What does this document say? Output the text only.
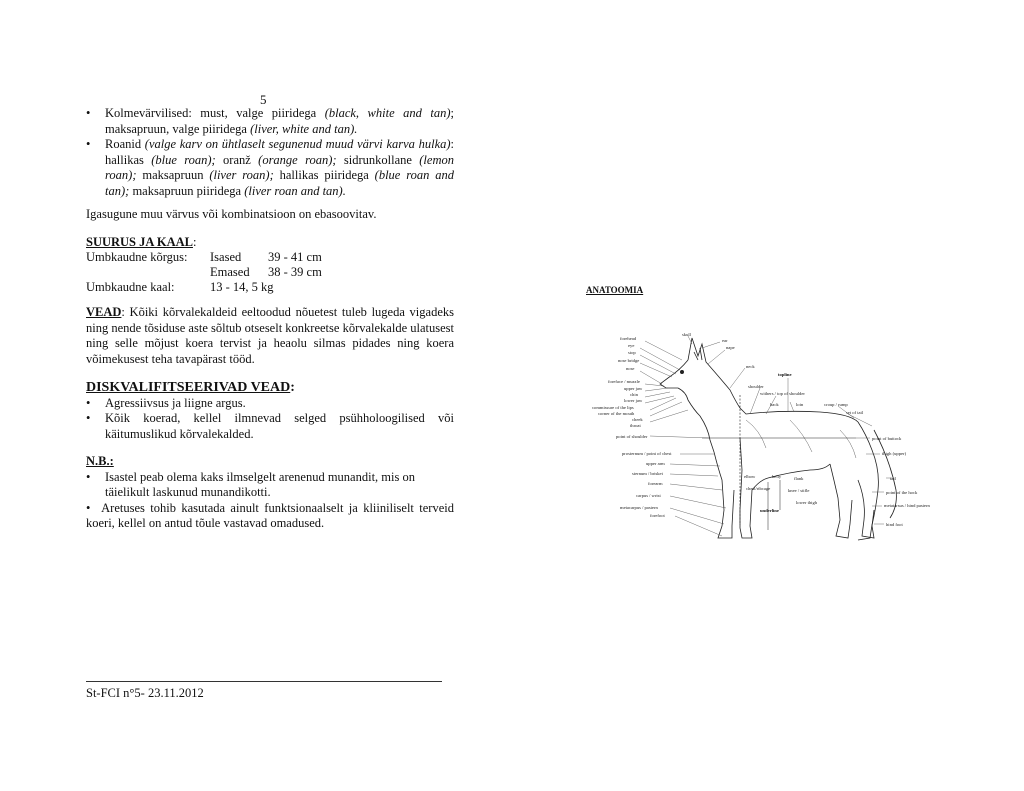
5

• Kolmevärvilised: must, valge piiridega (black, white and tan); maksapruun, valge piiridega (liver, white and tan).

• Roanid (valge karv on ühtlaselt segunenud muud värvi karva hulka): hallikas (blue roan); oranž (orange roan); sidrunkollane (lemon roan); maksapruun (liver roan); hallikas piiridega (blue roan and tan); maksapruun piiridega (liver roan and tan).

Igasugune muu värvus või kombinatsioon on ebasoovitav.

SUURUS JA KAAL:
Umbkaudne kõrgus:	Isased	39 - 41 cm
	Emased	38 - 39 cm
Umbkaudne kaal:	13 - 14, 5 kg	

VEAD: Kõiki kõrvalekaldeid eeltoodud nõuetest tuleb lugeda vigadeks ning nende tõsiduse aste sõltub otseselt konkreetse kõrvalekalde ulatusest ning selle mõjust koera tervist ja heaolu silmas pidades ning koera võimekusest teha tavapärast tööd.

DISKVALIFITSEERIVAD VEAD:

• Agressiivsus ja liigne argus.

• Kõik koerad, kellel ilmnevad selged psühholoogilised või käitumuslikud kõrvalekalded.

N.B.:

• Isastel peab olema kaks ilmselgelt arenenud munandit, mis on täielikult laskunud munandikotti.

•  Aretuses tohib kasutada ainult funktsionaalselt ja kliiniliselt terveid koeri, kellel on antud tõule vastavad omadused.

St-FCI n°5- 23.11.2012
ANATOOMIA
forehead
eye
stop
nose bridge
nose
foreface / muzzle
upper jaw
chin
lower jaw
commissure of the lips
corner of the mouth
cheek
throat
point of shoulder
prosternum / point of chest
upper arm
sternum / brisket
forearm
carpus / wrist
metacarpus / pastern
forefoot
skull
ear
nape
neck
topline
shoulder
withers / top of shoulder
back	loin	croup / rump
set of tail
point of buttock
thigh (upper)
tail
point of the hock
metatarsus / hind pastern
hind foot
elbow	belly	flank
chest/ribcage	knee / stifle
lower thigh
underline
